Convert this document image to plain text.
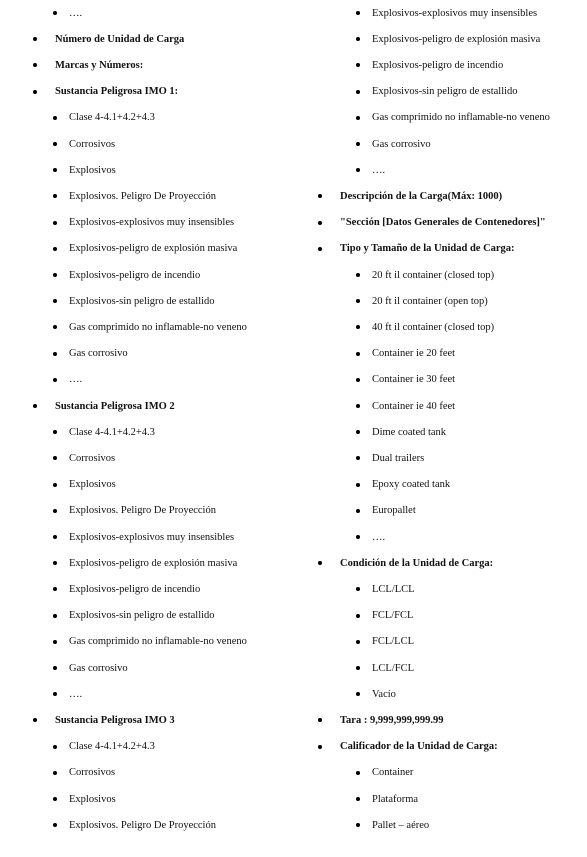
….
Número de Unidad de Carga
Marcas y Números:
Sustancia Peligrosa IMO 1:
Clase 4-4.1+4.2+4.3
Corrosivos
Explosivos
Explosivos. Peligro De Proyección
Explosivos-explosivos muy insensibles
Explosivos-peligro de explosión masiva
Explosivos-peligro de incendio
Explosivos-sin peligro de estallido
Gas comprimido no inflamable-no veneno
Gas corrosivo
….
Sustancia Peligrosa IMO 2
Clase 4-4.1+4.2+4.3
Corrosivos
Explosivos
Explosivos. Peligro De Proyección
Explosivos-explosivos muy insensibles
Explosivos-peligro de explosión masiva
Explosivos-peligro de incendio
Explosivos-sin peligro de estallido
Gas comprimido no inflamable-no veneno
Gas corrosivo
….
Sustancia Peligrosa IMO 3
Clase 4-4.1+4.2+4.3
Corrosivos
Explosivos
Explosivos. Peligro De Proyección
Explosivos-explosivos muy insensibles
Explosivos-peligro de explosión masiva
Explosivos-peligro de incendio
Explosivos-sin peligro de estallido
Gas comprimido no inflamable-no veneno
Gas corrosivo
….
Descripción de la Carga(Máx: 1000)
"Sección [Datos Generales de Contenedores]"
Tipo y Tamaño de la Unidad de Carga:
20 ft il container (closed top)
20 ft il container (open top)
40 ft il container (closed top)
Container ie 20 feet
Container ie 30 feet
Container ie 40 feet
Dime coated tank
Dual trailers
Epoxy coated tank
Europallet
….
Condición de la Unidad de Carga:
LCL/LCL
FCL/FCL
FCL/LCL
LCL/FCL
Vacío
Tara : 9,999,999,999.99
Calificador de la Unidad de Carga:
Container
Plataforma
Pallet – aéreo
